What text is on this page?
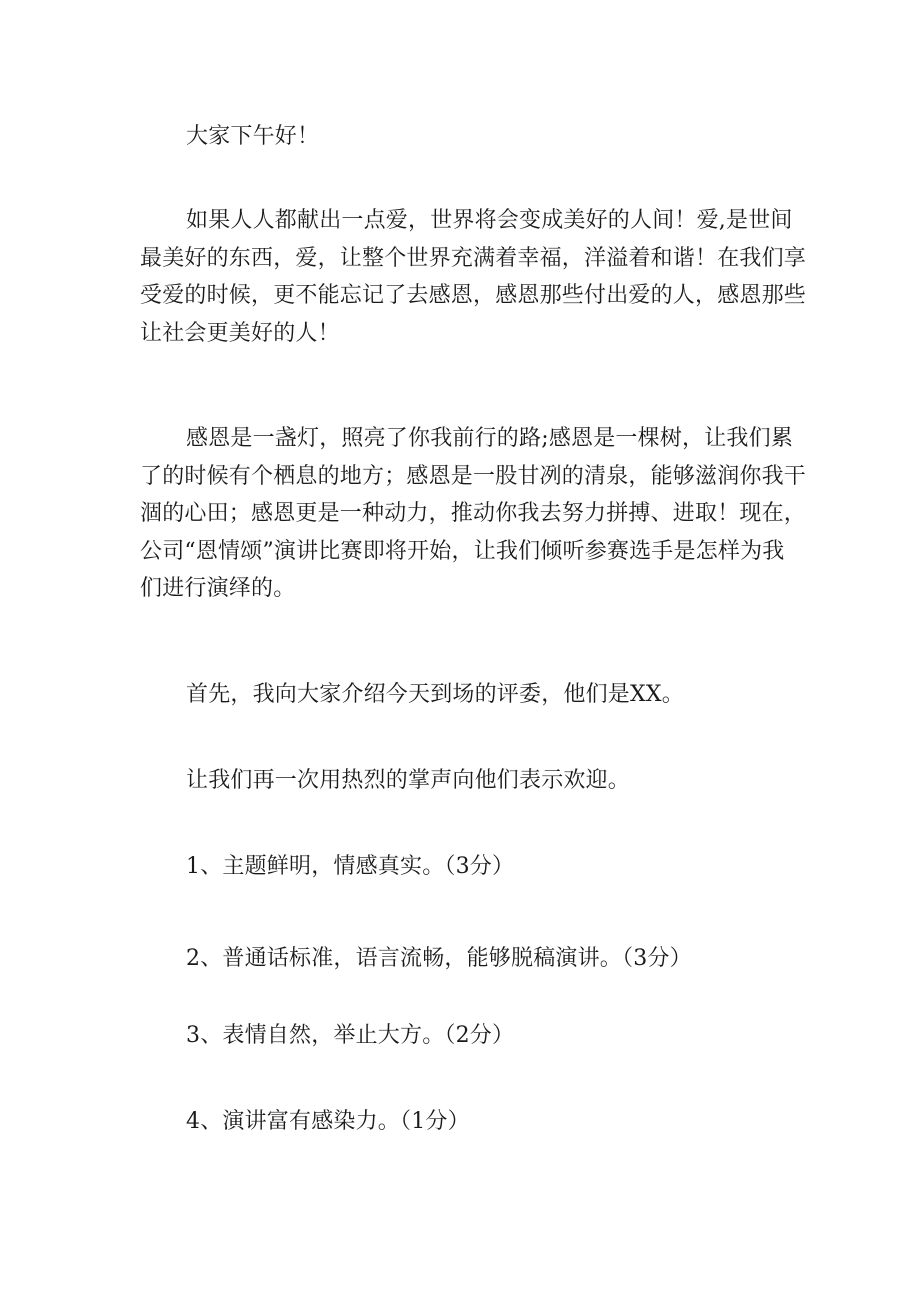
大家下午好！

如果人人都献出一点爱，世界将会变成美好的人间！爱,是世间
最美好的东西，爱，让整个世界充满着幸福，洋溢着和谐！在我们享
受爱的时候，更不能忘记了去感恩，感恩那些付出爱的人，感恩那些
让社会更美好的人！

感恩是一盏灯，照亮了你我前行的路;感恩是一棵树，让我们累
了的时候有个栖息的地方；感恩是一股甘冽的清泉，能够滋润你我干
涸的心田；感恩更是一种动力，推动你我去努力拼搏、进取！现在，
公司“恩情颂”演讲比赛即将开始，让我们倾听参赛选手是怎样为我
们进行演绎的。

首先，我向大家介绍今天到场的评委，他们是XX。

让我们再一次用热烈的掌声向他们表示欢迎。

1、主题鲜明，情感真实。（3分）

2、普通话标准，语言流畅，能够脱稿演讲。（3分）

3、表情自然，举止大方。（2分）

4、演讲富有感染力。（1分）
